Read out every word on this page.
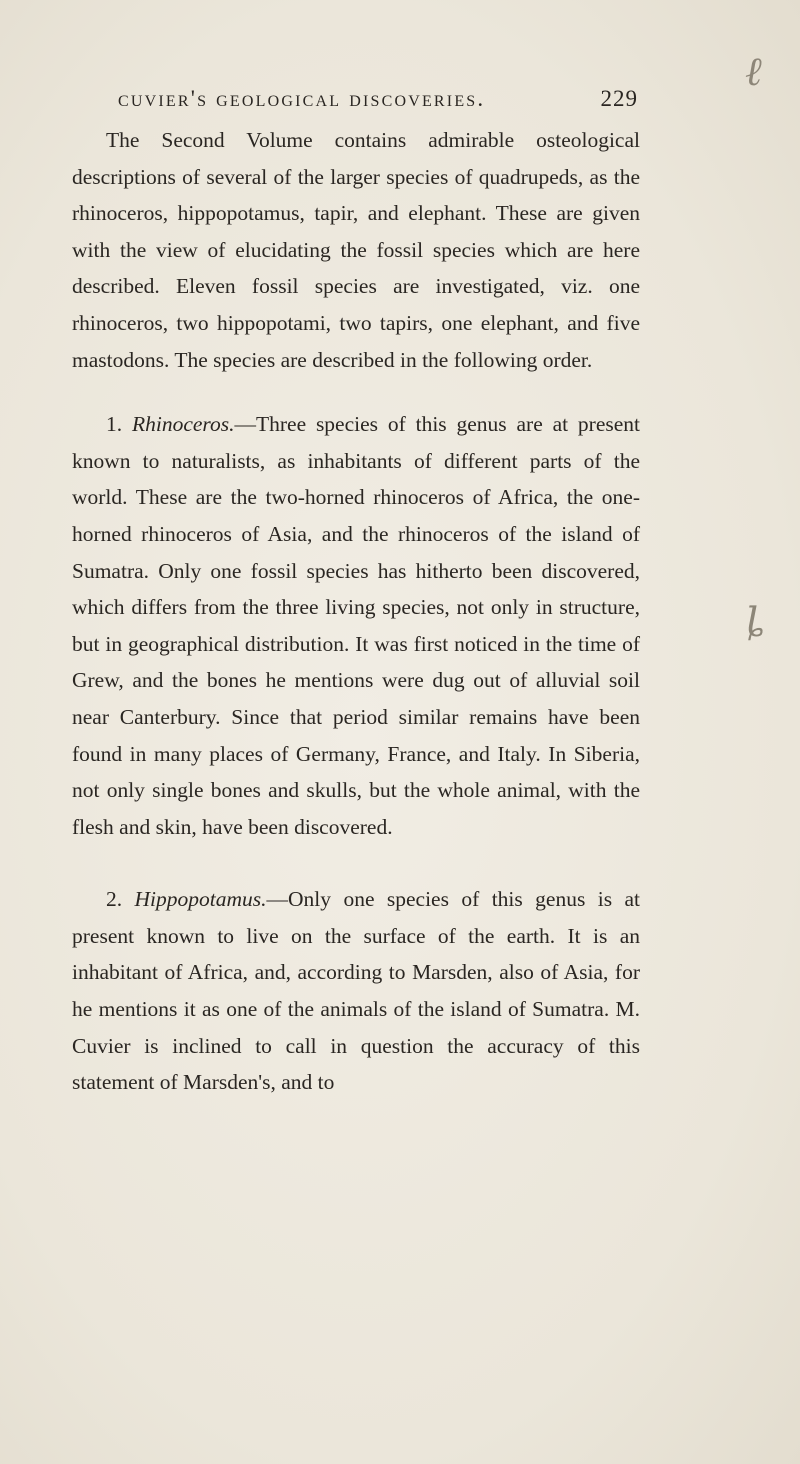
cuvier's geological discoveries.	229

The Second Volume contains admirable osteological descriptions of several of the larger species of quadrupeds, as the rhinoceros, hippopotamus, tapir, and elephant. These are given with the view of elucidating the fossil species which are here described. Eleven fossil species are investigated, viz. one rhinoceros, two hippopotami, two tapirs, one elephant, and five mastodons. The species are described in the following order.

1. Rhinoceros.—Three species of this genus are at present known to naturalists, as inhabitants of different parts of the world. These are the two-horned rhinoceros of Africa, the one-horned rhinoceros of Asia, and the rhinoceros of the island of Sumatra. Only one fossil species has hitherto been discovered, which differs from the three living species, not only in structure, but in geographical distribution. It was first noticed in the time of Grew, and the bones he mentions were dug out of alluvial soil near Canterbury. Since that period similar remains have been found in many places of Germany, France, and Italy. In Siberia, not only single bones and skulls, but the whole animal, with the flesh and skin, have been discovered.

2. Hippopotamus.—Only one species of this genus is at present known to live on the surface of the earth. It is an inhabitant of Africa, and, according to Marsden, also of Asia, for he mentions it as one of the animals of the island of Sumatra. M. Cuvier is inclined to call in question the accuracy of this statement of Marsden's, and to

ℓ
ȴ
